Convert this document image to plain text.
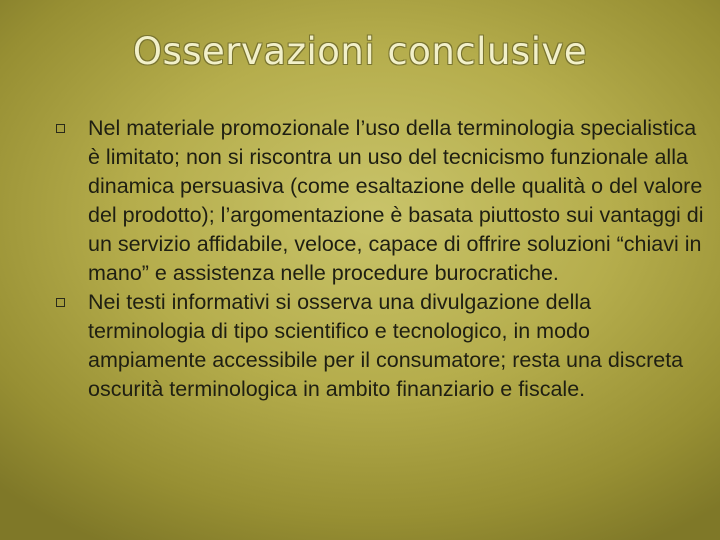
Osservazioni conclusive
Nel materiale promozionale l’uso della terminologia specialistica è limitato; non si riscontra un uso del tecnicismo funzionale alla dinamica persuasiva (come esaltazione delle qualità o del valore del prodotto); l’argomentazione è basata piuttosto sui vantaggi di un servizio affidabile, veloce, capace di offrire soluzioni “chiavi in mano” e assistenza nelle procedure burocratiche.
Nei testi informativi si osserva una divulgazione della terminologia di tipo scientifico e tecnologico, in modo ampiamente accessibile per il consumatore; resta una discreta oscurità terminologica in ambito finanziario e fiscale.
